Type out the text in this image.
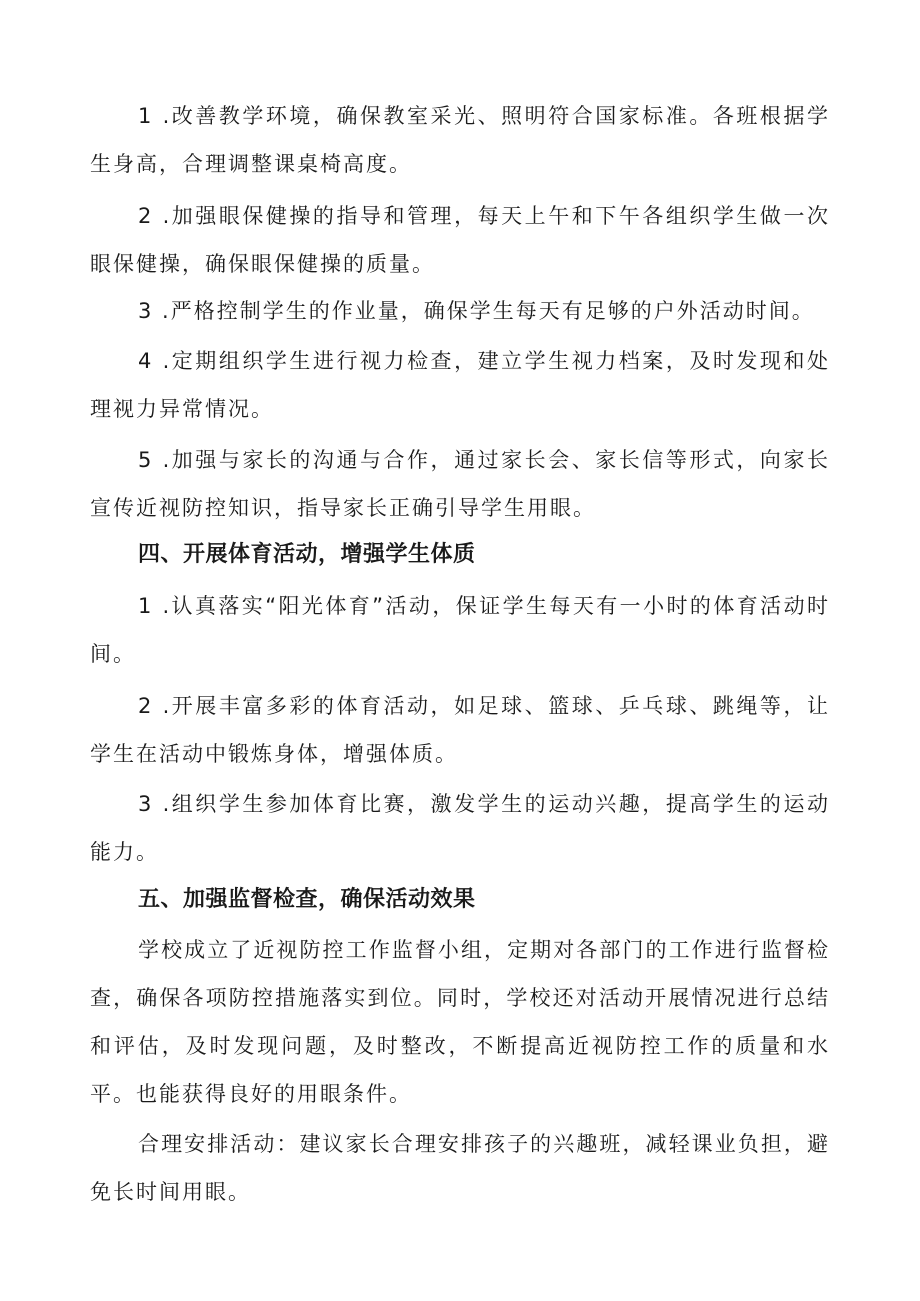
1 .改善教学环境，确保教室采光、照明符合国家标准。各班根据学生身高，合理调整课桌椅高度。

2 .加强眼保健操的指导和管理，每天上午和下午各组织学生做一次眼保健操，确保眼保健操的质量。

3 .严格控制学生的作业量，确保学生每天有足够的户外活动时间。

4 .定期组织学生进行视力检查，建立学生视力档案，及时发现和处理视力异常情况。

5 .加强与家长的沟通与合作，通过家长会、家长信等形式，向家长宣传近视防控知识，指导家长正确引导学生用眼。

四、开展体育活动，增强学生体质

1 .认真落实“阳光体育”活动，保证学生每天有一小时的体育活动时间。

2 .开展丰富多彩的体育活动，如足球、篮球、乒乓球、跳绳等，让学生在活动中锻炼身体，增强体质。

3 .组织学生参加体育比赛，激发学生的运动兴趣，提高学生的运动能力。

五、加强监督检查，确保活动效果

学校成立了近视防控工作监督小组，定期对各部门的工作进行监督检查，确保各项防控措施落实到位。同时，学校还对活动开展情况进行总结和评估，及时发现问题，及时整改，不断提高近视防控工作的质量和水平。也能获得良好的用眼条件。

合理安排活动：建议家长合理安排孩子的兴趣班，减轻课业负担，避免长时间用眼。
